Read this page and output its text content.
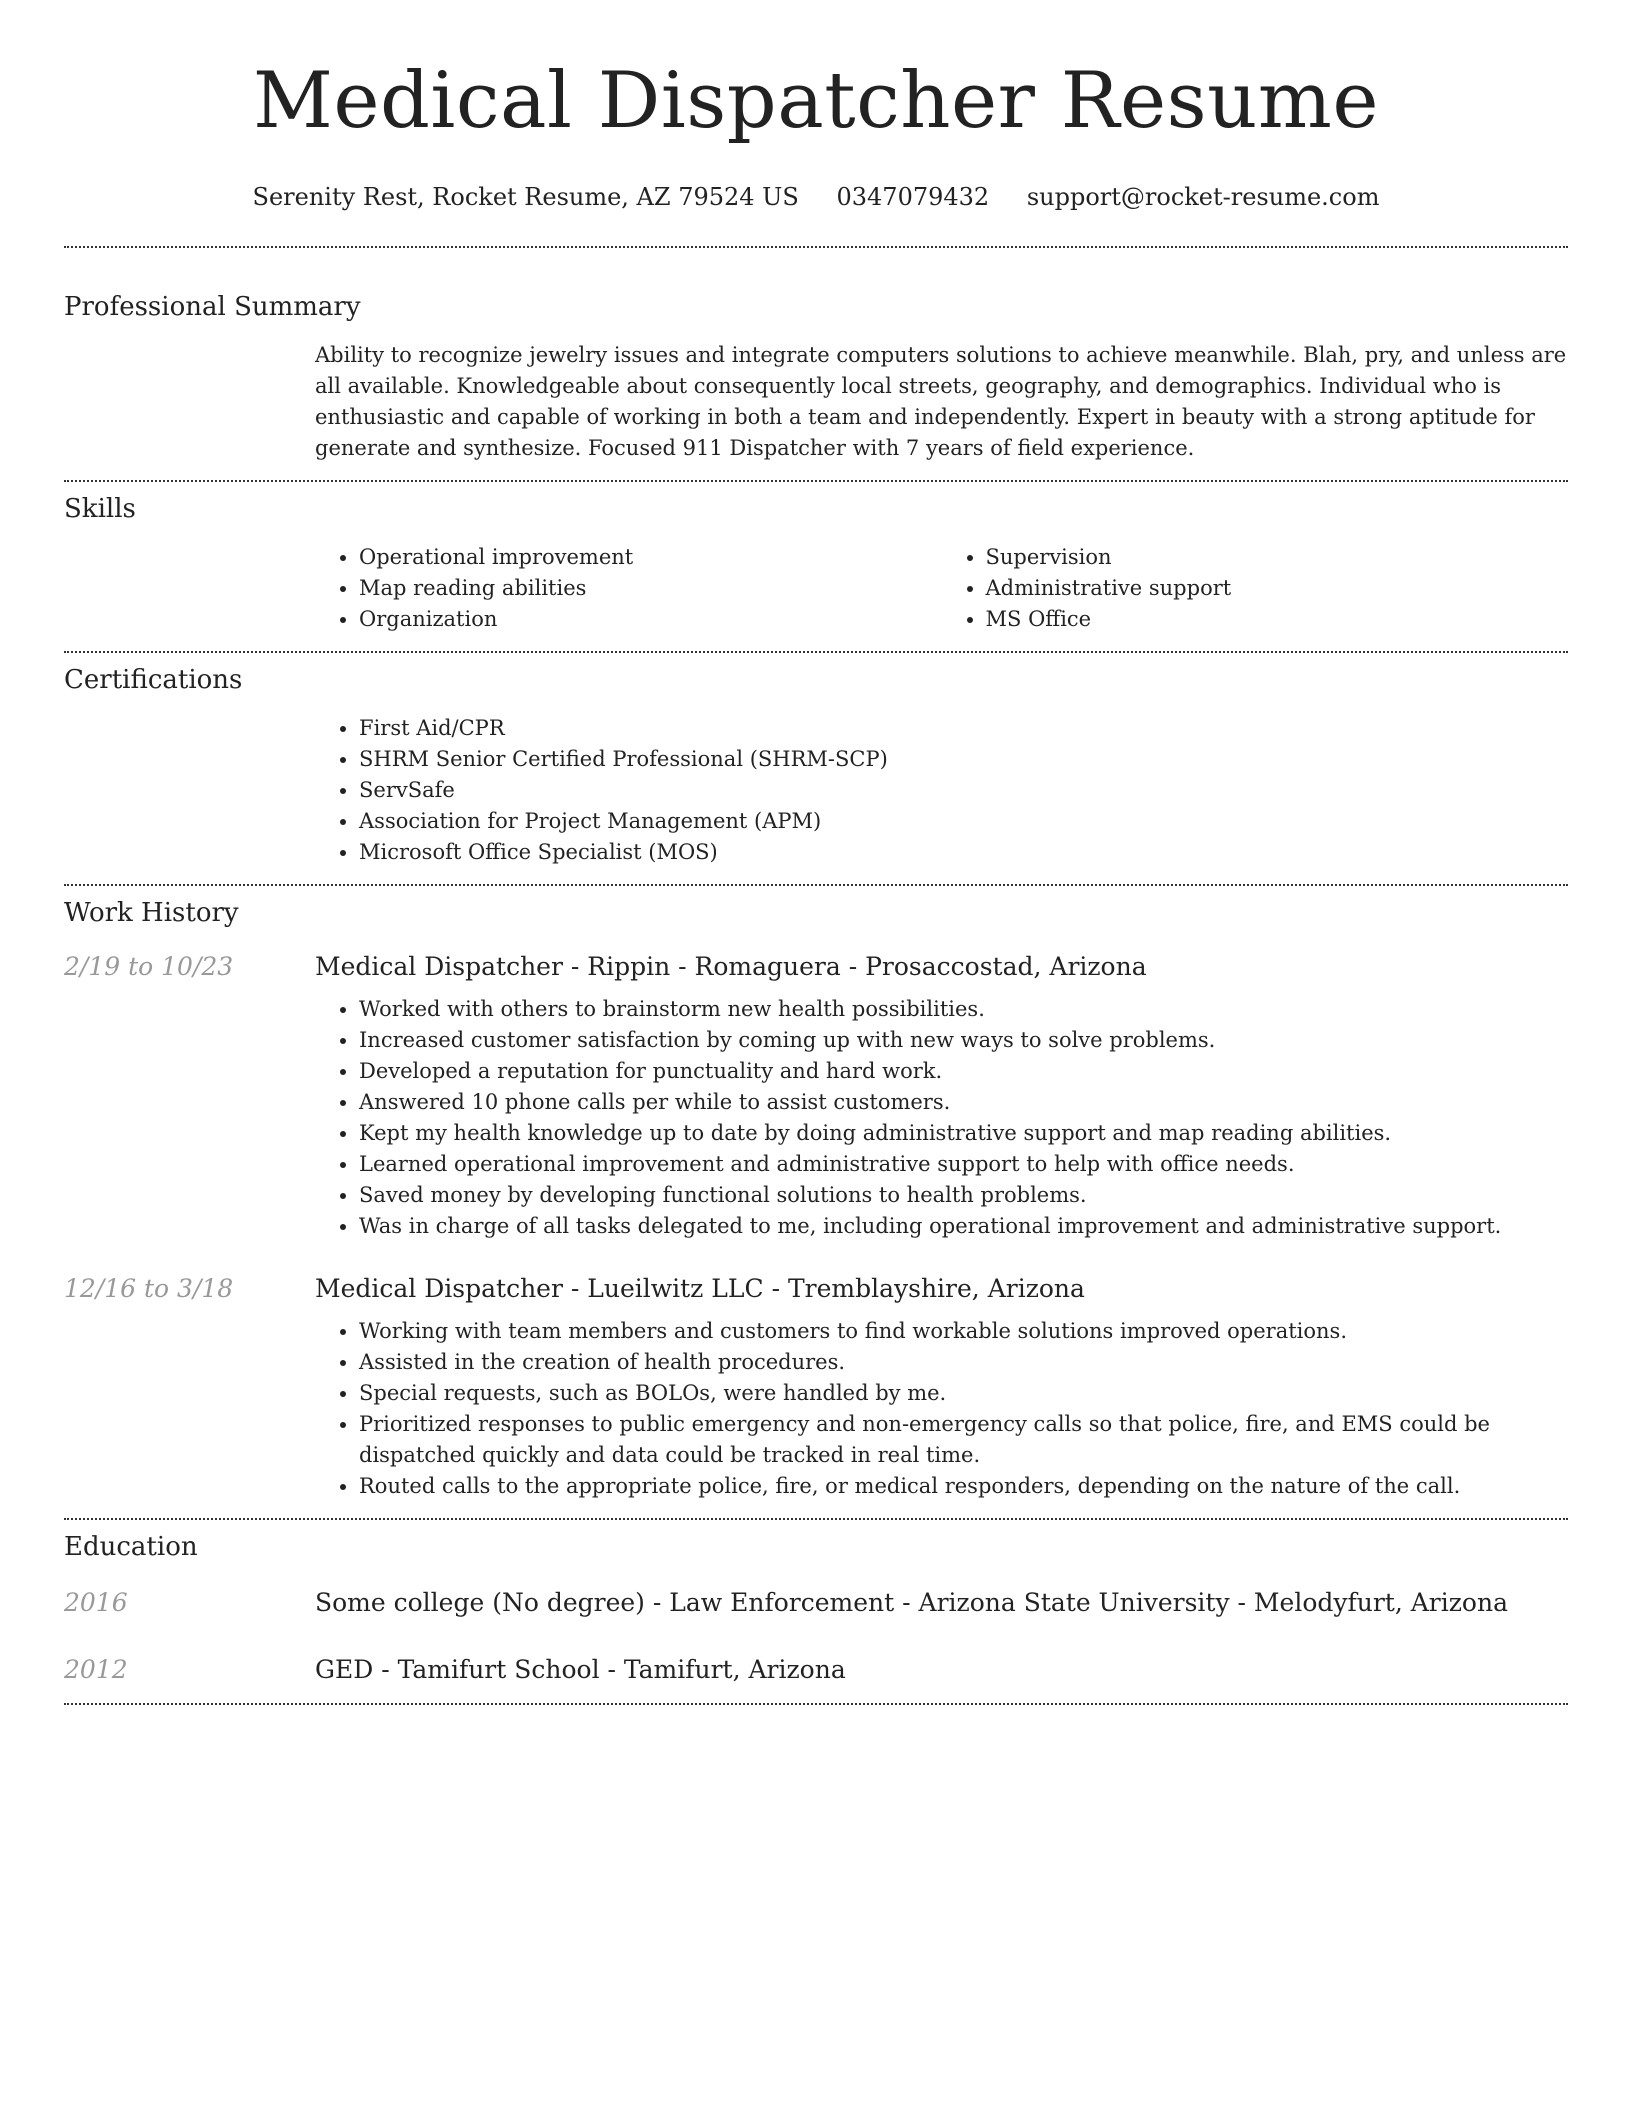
Medical Dispatcher Resume
Serenity Rest, Rocket Resume, AZ 79524 US 0347079432 support@rocket-resume.com
Professional Summary
Ability to recognize jewelry issues and integrate computers solutions to achieve meanwhile. Blah, pry, and unless are all available. Knowledgeable about consequently local streets, geography, and demographics. Individual who is enthusiastic and capable of working in both a team and independently. Expert in beauty with a strong aptitude for generate and synthesize. Focused 911 Dispatcher with 7 years of field experience.
Skills
• Operational improvement
• Map reading abilities
• Organization
• Supervision
• Administrative support
• MS Office
Certifications
• First Aid/CPR
• SHRM Senior Certified Professional (SHRM-SCP)
• ServSafe
• Association for Project Management (APM)
• Microsoft Office Specialist (MOS)
Work History
2/19 to 10/23	Medical Dispatcher - Rippin - Romaguera - Prosaccostad, Arizona
• Worked with others to brainstorm new health possibilities.
• Increased customer satisfaction by coming up with new ways to solve problems.
• Developed a reputation for punctuality and hard work.
• Answered 10 phone calls per while to assist customers.
• Kept my health knowledge up to date by doing administrative support and map reading abilities.
• Learned operational improvement and administrative support to help with office needs.
• Saved money by developing functional solutions to health problems.
• Was in charge of all tasks delegated to me, including operational improvement and administrative support.
12/16 to 3/18	Medical Dispatcher - Lueilwitz LLC - Tremblayshire, Arizona
• Working with team members and customers to find workable solutions improved operations.
• Assisted in the creation of health procedures.
• Special requests, such as BOLOs, were handled by me.
• Prioritized responses to public emergency and non-emergency calls so that police, fire, and EMS could be dispatched quickly and data could be tracked in real time.
• Routed calls to the appropriate police, fire, or medical responders, depending on the nature of the call.
Education
2016	Some college (No degree) - Law Enforcement - Arizona State University - Melodyfurt, Arizona
2012	GED - Tamifurt School - Tamifurt, Arizona
